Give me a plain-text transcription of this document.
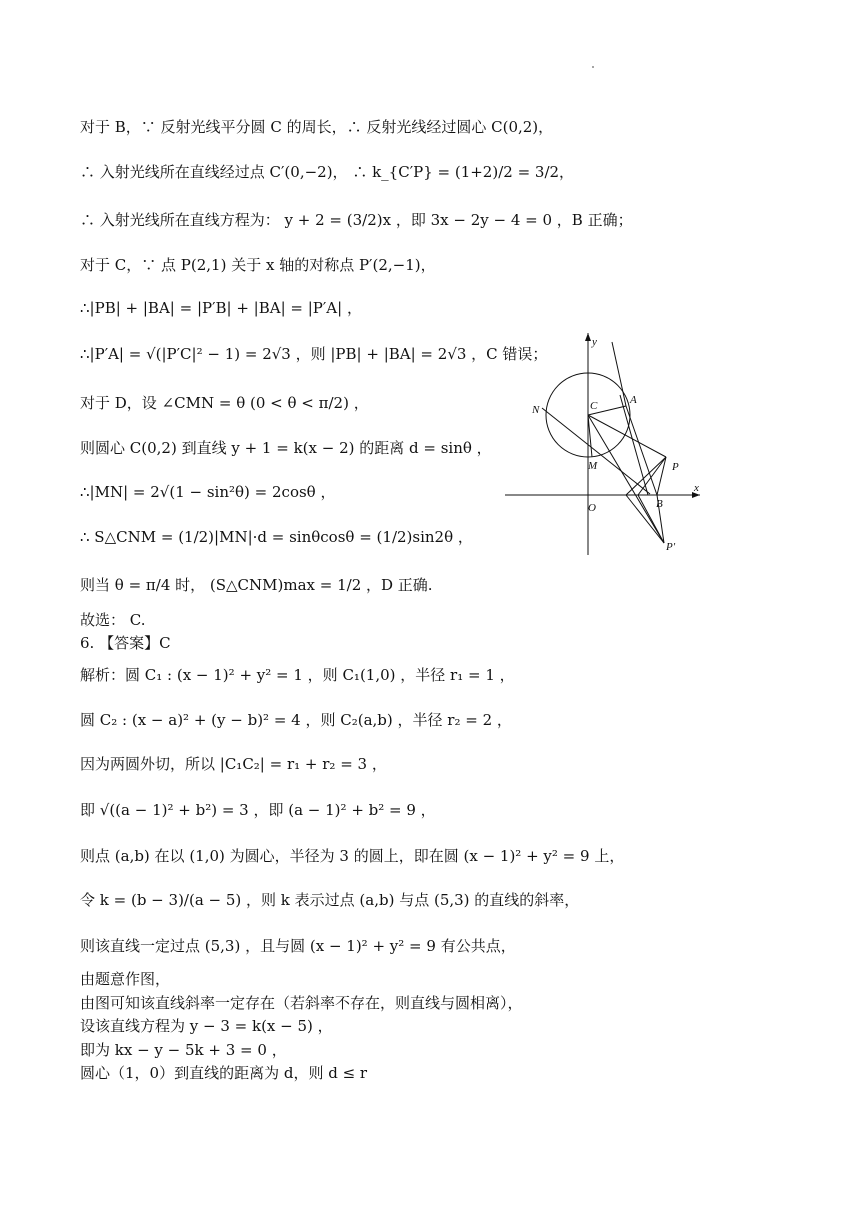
对于 B，∵ 反射光线平分圆 C 的周长，∴ 反射光线经过圆心 C(0,2)，
∴ 入射光线所在直线经过点 C′(0,−2)， ∴ k_{C′P} = (1+2)/2 = 3/2，
∴ 入射光线所在直线方程为： y + 2 = (3/2)x ，即 3x − 2y − 4 = 0 ，B 正确；
对于 C，∵ 点 P(2,1) 关于 x 轴的对称点 P′(2,−1)，
∴|PB| + |BA| = |P′B| + |BA| = |P′A| ，
∴|P′A| = √(|P′C|² − 1) = 2√3 ，则 |PB| + |BA| = 2√3 ，C 错误；
对于 D，设 ∠CMN = θ (0 < θ < π/2) ，
则圆心 C(0,2) 到直线 y + 1 = k(x − 2) 的距离 d = sinθ ，
∴|MN| = 2√(1 − sin²θ) = 2cosθ ，
∴ S△CNM = (1/2)|MN|·d = sinθcosθ = (1/2)sin2θ ，
则当 θ = π/4 时， (S△CNM)max = 1/2 ，D 正确.
故选： C.
6. 【答案】C
解析：圆 C₁ : (x − 1)² + y² = 1 ，则 C₁(1,0) ，半径 r₁ = 1 ，
圆 C₂ : (x − a)² + (y − b)² = 4 ，则 C₂(a,b) ，半径 r₂ = 2 ，
因为两圆外切，所以 |C₁C₂| = r₁ + r₂ = 3 ，
即 √((a − 1)² + b²) = 3 ，即 (a − 1)² + b² = 9 ，
则点 (a,b) 在以 (1,0) 为圆心，半径为 3 的圆上，即在圆 (x − 1)² + y² = 9 上，
令 k = (b − 3)/(a − 5) ，则 k 表示过点 (a,b) 与点 (5,3) 的直线的斜率，
则该直线一定过点 (5,3) ，且与圆 (x − 1)² + y² = 9 有公共点，
由题意作图，
由图可知该直线斜率一定存在（若斜率不存在，则直线与圆相离），
设该直线方程为 y − 3 = k(x − 5) ，
即为 kx − y − 5k + 3 = 0 ，
圆心（1，0）到直线的距离为 d，则 d ≤ r
y
x
O
C	A
N
M
B
P
P′
